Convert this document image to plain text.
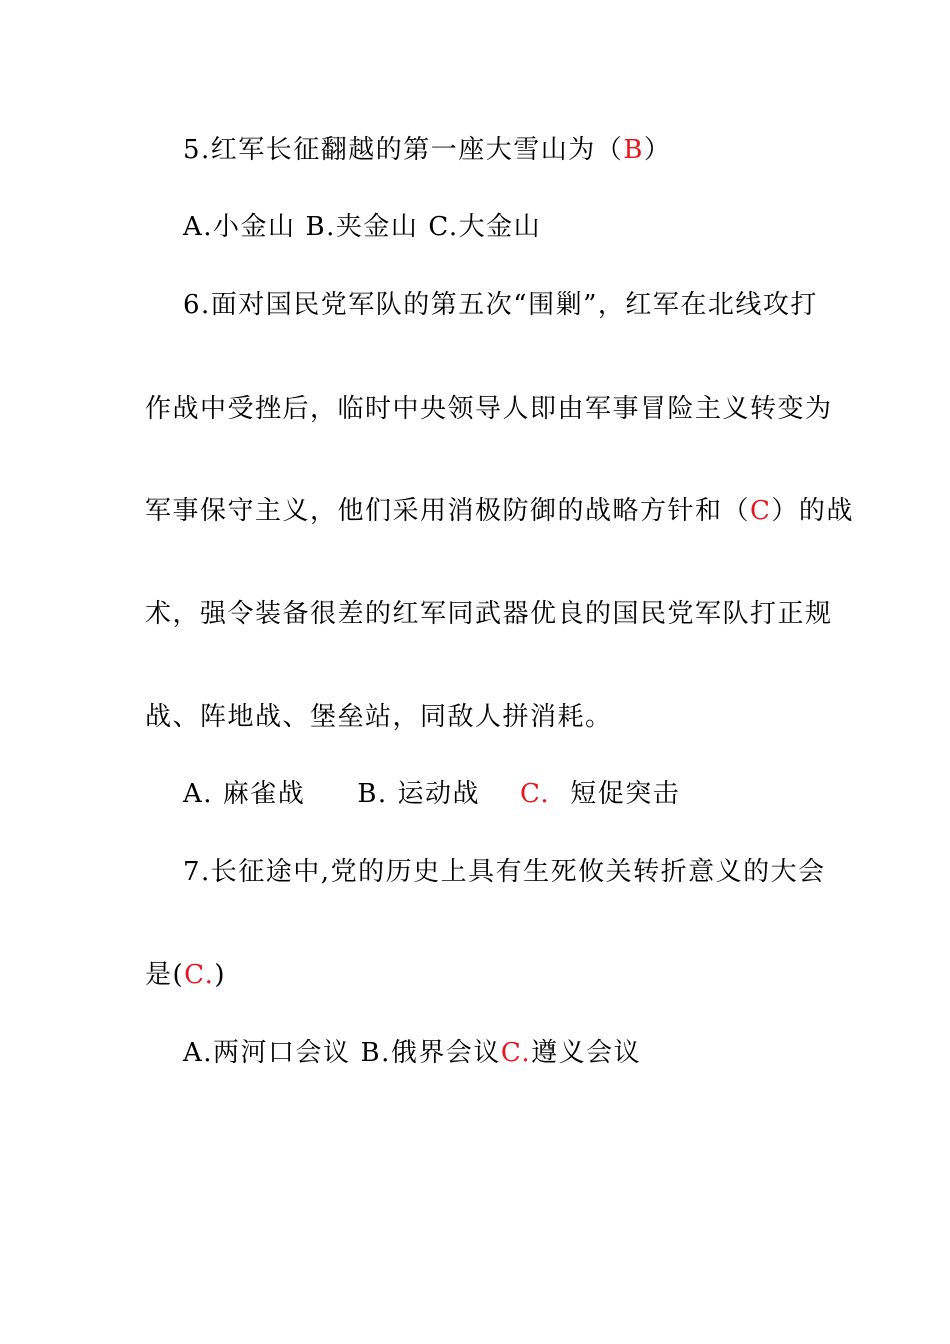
5.红军长征翻越的第一座大雪山为（B）
A.小金山 B.夹金山 C.大金山
6.面对国民党军队的第五次“围剿”，红军在北线攻打
作战中受挫后，临时中央领导人即由军事冒险主义转变为
军事保守主义，他们采用消极防御的战略方针和（C）的战
术，强令装备很差的红军同武器优良的国民党军队打正规
战、阵地战、堡垒站，同敌人拼消耗。
A. 麻雀战 B. 运动战 C. 短促突击
7.长征途中,党的历史上具有生死攸关转折意义的大会
是(C.)
A.两河口会议 B.俄界会议C.遵义会议
